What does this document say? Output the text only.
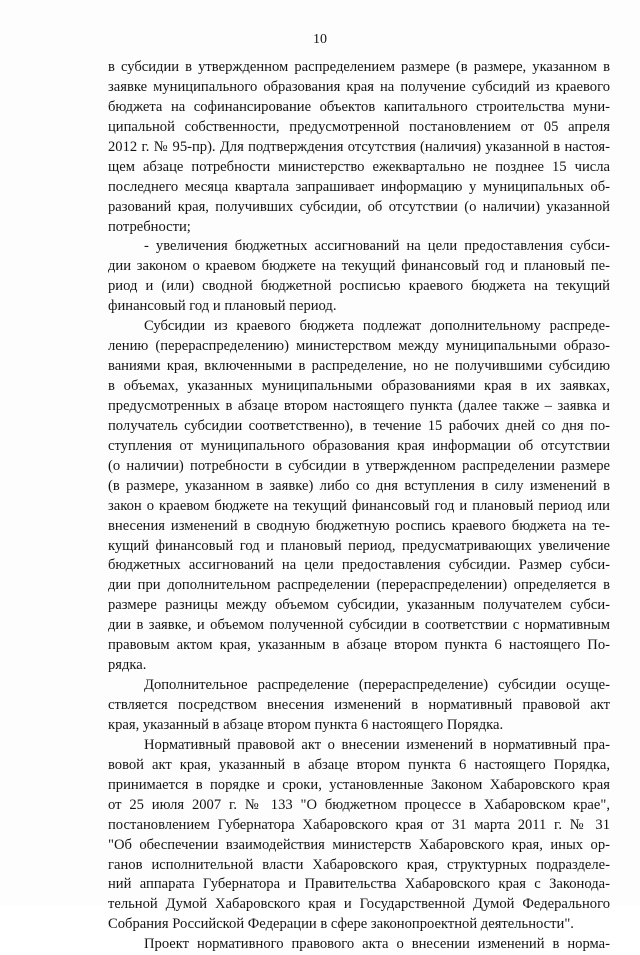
10
в субсидии в утвержденном распределением размере (в размере, указанном в
заявке муниципального образования края на получение субсидий из краевого
бюджета на софинансирование объектов капитального строительства муни-
ципальной собственности, предусмотренной постановлением от 05 апреля
2012 г. № 95-пр). Для подтверждения отсутствия (наличия) указанной в настоя-
щем абзаце потребности министерство ежеквартально не позднее 15 числа
последнего месяца квартала запрашивает информацию у муниципальных об-
разований края, получивших субсидии, об отсутствии (о наличии) указанной
потребности;
- увеличения бюджетных ассигнований на цели предоставления субси-
дии законом о краевом бюджете на текущий финансовый год и плановый пе-
риод и (или) сводной бюджетной росписью краевого бюджета на текущий
финансовый год и плановый период.
Субсидии из краевого бюджета подлежат дополнительному распреде-
лению (перераспределению) министерством между муниципальными образо-
ваниями края, включенными в распределение, но не получившими субсидию
в объемах, указанных муниципальными образованиями края в их заявках,
предусмотренных в абзаце втором настоящего пункта (далее также – заявка и
получатель субсидии соответственно), в течение 15 рабочих дней со дня по-
ступления от муниципального образования края информации об отсутствии
(о наличии) потребности в субсидии в утвержденном распределении размере
(в размере, указанном в заявке) либо со дня вступления в силу изменений в
закон о краевом бюджете на текущий финансовый год и плановый период или
внесения изменений в сводную бюджетную роспись краевого бюджета на те-
кущий финансовый год и плановый период, предусматривающих увеличение
бюджетных ассигнований на цели предоставления субсидии. Размер субси-
дии при дополнительном распределении (перераспределении) определяется в
размере разницы между объемом субсидии, указанным получателем субси-
дии в заявке, и объемом полученной субсидии в соответствии с нормативным
правовым актом края, указанным в абзаце втором пункта 6 настоящего По-
рядка.
Дополнительное распределение (перераспределение) субсидии осуще-
ствляется посредством внесения изменений в нормативный правовой акт
края, указанный в абзаце втором пункта 6 настоящего Порядка.
Нормативный правовой акт о внесении изменений в нормативный пра-
вовой акт края, указанный в абзаце втором пункта 6 настоящего Порядка,
принимается в порядке и сроки, установленные Законом Хабаровского края
от 25 июля 2007 г. № 133 "О бюджетном процессе в Хабаровском крае",
постановлением Губернатора Хабаровского края от 31 марта 2011 г. № 31
"Об обеспечении взаимодействия министерств Хабаровского края, иных ор-
ганов исполнительной власти Хабаровского края, структурных подразделе-
ний аппарата Губернатора и Правительства Хабаровского края с Законода-
тельной Думой Хабаровского края и Государственной Думой Федерального
Собрания Российской Федерации в сфере законопроектной деятельности".
Проект нормативного правового акта о внесении изменений в норма-
